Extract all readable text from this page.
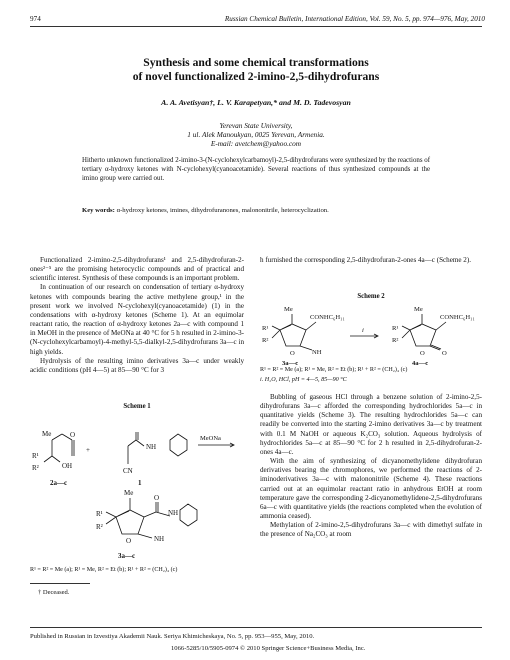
974	Russian Chemical Bulletin, International Edition, Vol. 59, No. 5, pp. 974—976, May, 2010
Synthesis and some chemical transformations
of novel functionalized 2-imino-2,5-dihydrofurans
A. A. Avetisyan†, L. V. Karapetyan,* and M. D. Tadevosyan
Yerevan State University,
1 ul. Alek Manoukyan, 0025 Yerevan, Armenia.
E-mail: avetchem@yahoo.com
Hitherto unknown functionalized 2-imino-3-(N-cyclohexylcarbamoyl)-2,5-dihydrofurans were synthesized by the reactions of tertiary α-hydroxy ketones with N-cyclohexyl(cyanoacetamide). Several reactions of thus synthesized compounds at the imino group were carried out.
Key words: α-hydroxy ketones, imines, dihydrofuranones, malononitrile, heterocyclization.

Functionalized 2-imino-2,5-dihydrofurans¹ and 2,5-dihydrofuran-2-ones²⁻⁵ are the promising heterocyclic compounds and of practical and scientific interest. Synthesis of these compounds is an important problem.

In continuation of our research on condensation of tertiary α-hydroxy ketones with compounds bearing the active methylene group,¹ in the present work we involved N-cyclohexyl(cyanoacetamide) (1) in the condensations with α-hydroxy ketones (Scheme 1). At an equimolar reactant ratio, the reaction of α-hydroxy ketones 2a—c with compound 1 in MeOH in the presence of MeONa at 40 °C for 5 h resulted in 2-imino-3-(N-cyclohexylcarbamoyl)-4-methyl-5,5-dialkyl-2,5-dihydrofurans 3a—c in high yields.

Hydrolysis of the resulting imino derivatives 3a—c under weakly acidic conditions (pH 4—5) at 85—90 °C for 3

Scheme 1
Me
R¹
R²	OH
O
NH
CN
MeONa
+
2a—c	1
Me
R¹
R²
O	NH
O
NH
3a—c
R¹ = R² = Me (a); R¹ = Me, R² = Et (b); R¹ + R² = (CH₂)₄ (c)
† Deceased.
h furnished the corresponding 2,5-dihydrofuran-2-ones 4a—c (Scheme 2).
Scheme 2
Me
CONHC₆H₁₁
R¹
R²
O	NH
i
Me
CONHC₆H₁₁
R¹
R²
O	O
3a—c	4a—c
R¹ = R² = Me (a); R¹ = Me, R² = Et (b); R¹ + R² = (CH₂)₄ (c)
i. H₂O, HCl, pH = 4—5, 85—90 °C

Bubbling of gaseous HCl through a benzene solution of 2-imino-2,5-dihydrofurans 3a—c afforded the corresponding hydrochlorides 5a—c in quantitative yields (Scheme 3). The resulting hydrochlorides 5a—c can readily be converted into the starting 2-imino derivatives 3a—c by treatment with 0.1 M NaOH or aqueous K₂CO₃ solution. Aqueous hydrolysis of hydrochlorides 5a—c at 85—90 °C for 2 h resulted in 2,5-dihydrofuran-2-ones 4a—c.

With the aim of synthesizing of dicyanomethylidene dihydrofuran derivatives bearing the chromophores, we performed the reactions of 2-iminoderivatives 3a—c with malononitrile (Scheme 4). These reactions carried out at an equimolar reactant ratio in anhydrous EtOH at room temperature gave the corresponding 2-dicyanomethylidene-2,5-dihydrofurans 6a—c with quantitative yields (the reactions completed when the evolution of ammonia ceased).

Methylation of 2-imino-2,5-dihydrofurans 3a—c with dimethyl sulfate in the presence of Na₂CO₃ at room

Published in Russian in Izvestiya Akademii Nauk. Seriya Khimicheskaya, No. 5, pp. 953—955, May, 2010.
1066-5285/10/5905-0974 © 2010 Springer Science+Business Media, Inc.
